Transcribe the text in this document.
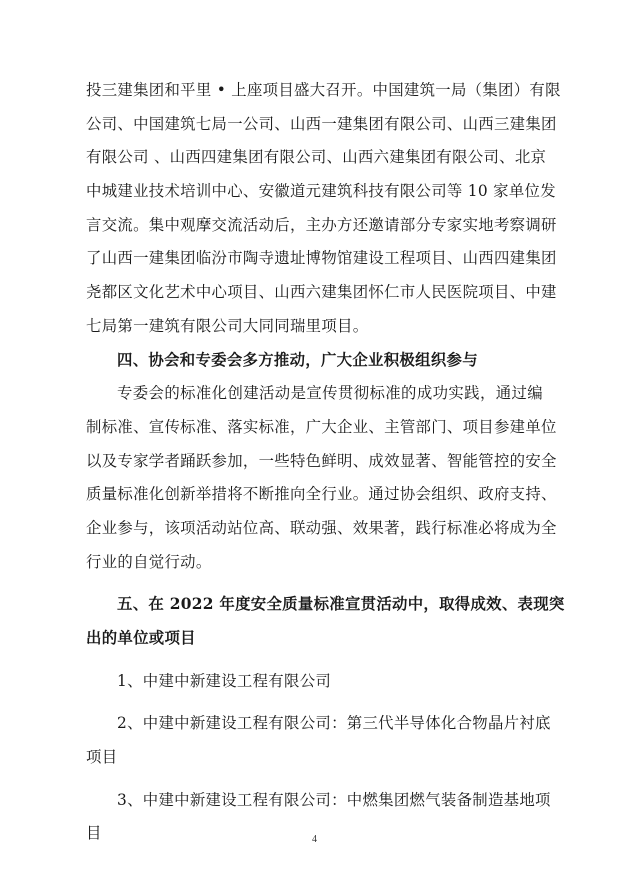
投三建集团和平里 • 上座项目盛大召开。中国建筑一局（集团）有限
公司、中国建筑七局一公司、山西一建集团有限公司、山西三建集团
有限公司 、山西四建集团有限公司、山西六建集团有限公司、北京
中城建业技术培训中心、安徽道元建筑科技有限公司等 10 家单位发
言交流。集中观摩交流活动后，主办方还邀请部分专家实地考察调研
了山西一建集团临汾市陶寺遗址博物馆建设工程项目、山西四建集团
尧都区文化艺术中心项目、山西六建集团怀仁市人民医院项目、中建
七局第一建筑有限公司大同同瑞里项目。
四、协会和专委会多方推动，广大企业积极组织参与
专委会的标准化创建活动是宣传贯彻标准的成功实践，通过编
制标准、宣传标准、落实标准，广大企业、主管部门、项目参建单位
以及专家学者踊跃参加，一些特色鲜明、成效显著、智能管控的安全
质量标准化创新举措将不断推向全行业。通过协会组织、政府支持、
企业参与，该项活动站位高、联动强、效果著，践行标准必将成为全
行业的自觉行动。
五、在 2022 年度安全质量标准宣贯活动中，取得成效、表现突
出的单位或项目
1、中建中新建设工程有限公司
2、中建中新建设工程有限公司：第三代半导体化合物晶片衬底
项目
3、中建中新建设工程有限公司：中燃集团燃气装备制造基地项
目	4
